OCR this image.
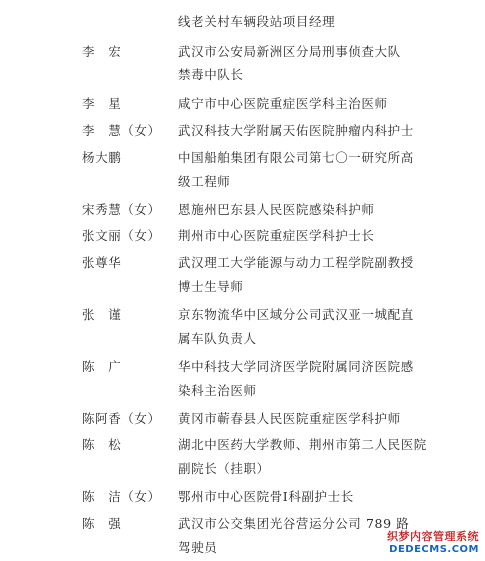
线老关村车辆段站项目经理
李　宏	武汉市公安局新洲区分局刑事侦查大队
禁毒中队长
李　星	咸宁市中心医院重症医学科主治医师
李　慧（女） 武汉科技大学附属天佑医院肿瘤内科护士
杨大鹏	中国船舶集团有限公司第七〇一研究所高
级工程师
宋秀慧（女） 恩施州巴东县人民医院感染科护师
张文丽（女） 荆州市中心医院重症医学科护士长
张尊华	武汉理工大学能源与动力工程学院副教授
博士生导师
张　谨	京东物流华中区域分公司武汉亚一城配直
属车队负责人
陈　广	华中科技大学同济医学院附属同济医院感
染科主治医师
陈阿香（女） 黄冈市蕲春县人民医院重症医学科护师
陈　松	湖北中医药大学教师、荆州市第二人民医院
副院长（挂职）
陈　洁（女） 鄂州市中心医院骨Ⅰ科副护士长
陈　强	武汉市公交集团光谷营运分公司 789 路
驾驶员
织梦内容管理系统
DEDECMS.COM
